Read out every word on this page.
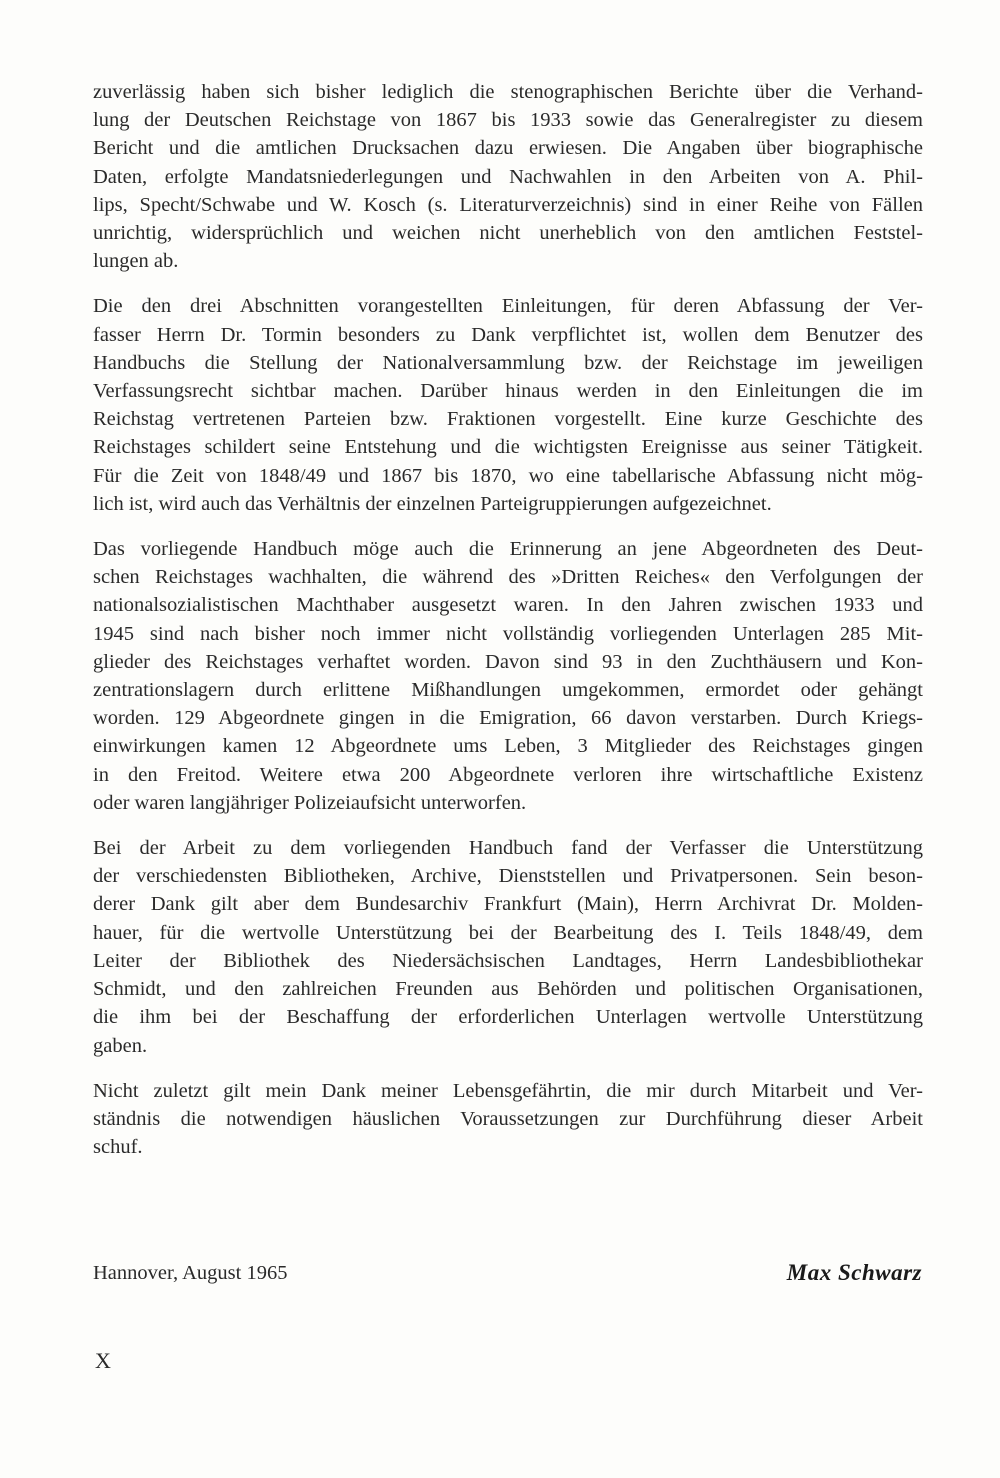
zuverlässig haben sich bisher lediglich die stenographischen Berichte über die Verhand-
lung der Deutschen Reichstage von 1867 bis 1933 sowie das Generalregister zu diesem
Bericht und die amtlichen Drucksachen dazu erwiesen. Die Angaben über biographische
Daten, erfolgte Mandatsniederlegungen und Nachwahlen in den Arbeiten von A. Phil-
lips, Specht/Schwabe und W. Kosch (s. Literaturverzeichnis) sind in einer Reihe von Fällen
unrichtig, widersprüchlich und weichen nicht unerheblich von den amtlichen Feststel-
lungen ab.

Die den drei Abschnitten vorangestellten Einleitungen, für deren Abfassung der Ver-
fasser Herrn Dr. Tormin besonders zu Dank verpflichtet ist, wollen dem Benutzer des
Handbuchs die Stellung der Nationalversammlung bzw. der Reichstage im jeweiligen
Verfassungsrecht sichtbar machen. Darüber hinaus werden in den Einleitungen die im
Reichstag vertretenen Parteien bzw. Fraktionen vorgestellt. Eine kurze Geschichte des
Reichstages schildert seine Entstehung und die wichtigsten Ereignisse aus seiner Tätigkeit.
Für die Zeit von 1848/49 und 1867 bis 1870, wo eine tabellarische Abfassung nicht mög-
lich ist, wird auch das Verhältnis der einzelnen Parteigruppierungen aufgezeichnet.

Das vorliegende Handbuch möge auch die Erinnerung an jene Abgeordneten des Deut-
schen Reichstages wachhalten, die während des »Dritten Reiches« den Verfolgungen der
nationalsozialistischen Machthaber ausgesetzt waren. In den Jahren zwischen 1933 und
1945 sind nach bisher noch immer nicht vollständig vorliegenden Unterlagen 285 Mit-
glieder des Reichstages verhaftet worden. Davon sind 93 in den Zuchthäusern und Kon-
zentrationslagern durch erlittene Mißhandlungen umgekommen, ermordet oder gehängt
worden. 129 Abgeordnete gingen in die Emigration, 66 davon verstarben. Durch Kriegs-
einwirkungen kamen 12 Abgeordnete ums Leben, 3 Mitglieder des Reichstages gingen
in den Freitod. Weitere etwa 200 Abgeordnete verloren ihre wirtschaftliche Existenz
oder waren langjähriger Polizeiaufsicht unterworfen.

Bei der Arbeit zu dem vorliegenden Handbuch fand der Verfasser die Unterstützung
der verschiedensten Bibliotheken, Archive, Dienststellen und Privatpersonen. Sein beson-
derer Dank gilt aber dem Bundesarchiv Frankfurt (Main), Herrn Archivrat Dr. Molden-
hauer, für die wertvolle Unterstützung bei der Bearbeitung des I. Teils 1848/49, dem
Leiter der Bibliothek des Niedersächsischen Landtages, Herrn Landesbibliothekar
Schmidt, und den zahlreichen Freunden aus Behörden und politischen Organisationen,
die ihm bei der Beschaffung der erforderlichen Unterlagen wertvolle Unterstützung
gaben.

Nicht zuletzt gilt mein Dank meiner Lebensgefährtin, die mir durch Mitarbeit und Ver-
ständnis die notwendigen häuslichen Voraussetzungen zur Durchführung dieser Arbeit
schuf.

Hannover, August 1965	Max Schwarz
X
